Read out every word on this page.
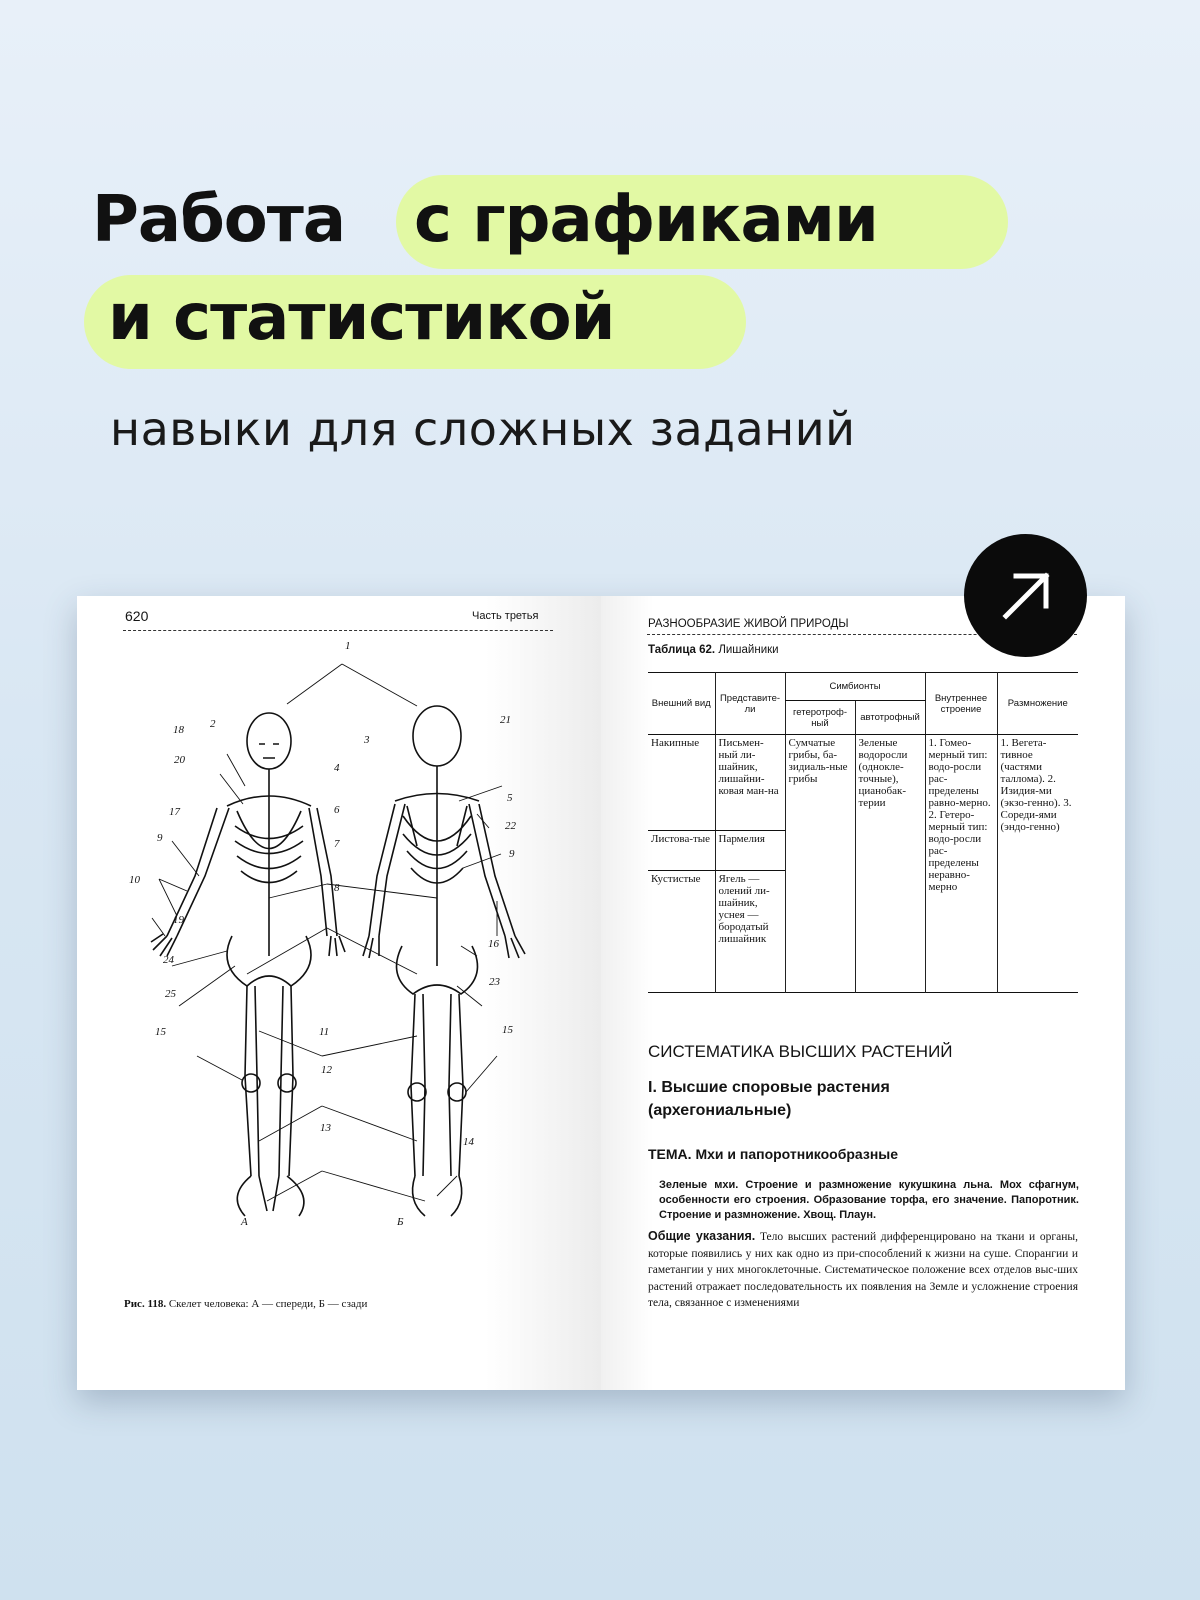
Работа с графиками
и статистикой
навыки для сложных заданий
620	Часть третья
1
2
3
4
5
6
7
8
9
9
10
11
12
13
14
15	15
16
17
18
19
20
21
22
23
24
25
А	Б
Рис. 118. Скелет человека: А — спереди, Б — сзади
РАЗНООБРАЗИЕ ЖИВОЙ ПРИРОДЫ
Таблица 62. Лишайники
Внешний вид	Представите-ли	Симбионты		Внутреннее строение	Размножение
		гетеротроф-ный	автотрофный		
Накипные	Письмен-ный ли-шайник, лишайни-ковая ман-на	Сумчатые грибы, ба-зидиаль-ные грибы	Зеленые водоросли (однокле-точные), цианобак-терии	1. Гомео-мерный тип: водо-росли рас-пределены равно-мерно. 2. Гетеро-мерный тип: водо-росли рас-пределены неравно-мерно	1. Вегета-тивное (частями таллома). 2. Изидия-ми (экзо-генно). 3. Сореди-ями (эндо-генно)
Листова-тые	Пармелия				
Кустистые	Ягель — олений ли-шайник, уснея — бородатый лишайник				
СИСТЕМАТИКА ВЫСШИХ РАСТЕНИЙ
I. Высшие споровые растения
(архегониальные)
ТЕМА. Мхи и папоротникообразные
Зеленые мхи. Строение и размножение кукушкина льна. Мох сфагнум, особенности его строения. Образование торфа, его значение. Папоротник. Строение и размножение. Хвощ. Плаун.
Общие указания. Тело высших растений дифференцировано на ткани и органы, которые появились у них как одно из при-способлений к жизни на суше. Спорангии и гаметангии у них многоклеточные. Систематическое положение всех отделов выс-ших растений отражает последовательность их появления на Земле и усложнение строения тела, связанное с изменениями
